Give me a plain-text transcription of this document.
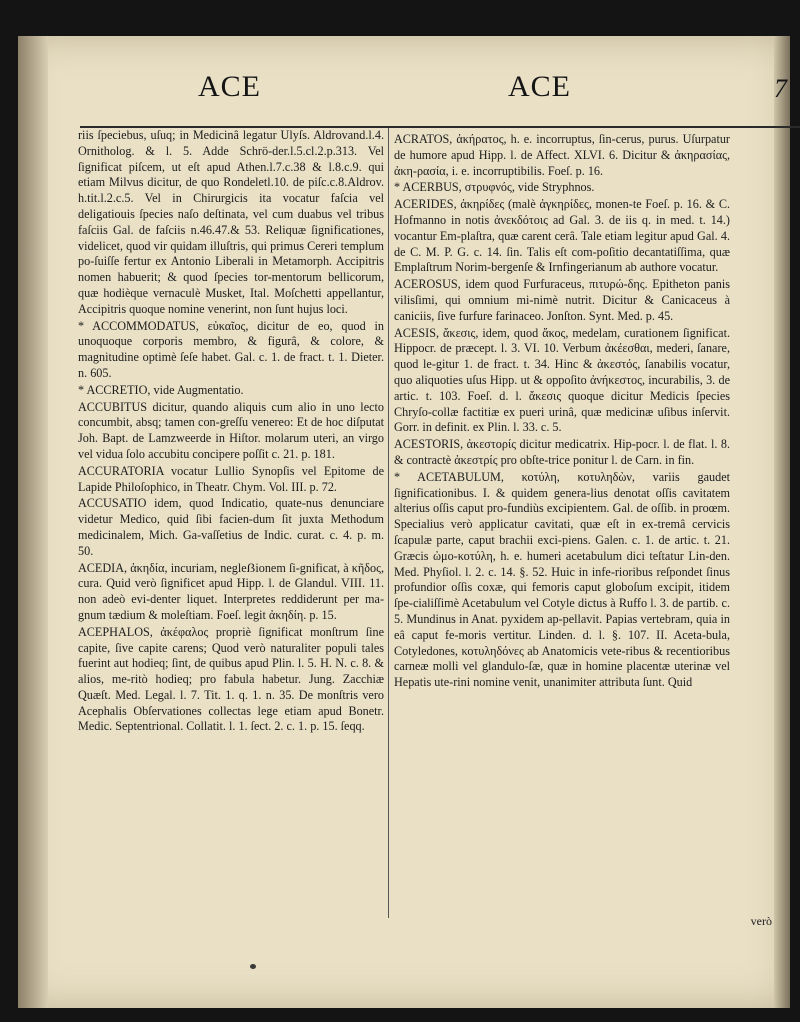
ACE	ACE	7

riis ſpeciebus, uſuq; in Medicinâ legatur Ulyſs. Aldrovand.l.4. Ornitholog. & l. 5. Adde Schrö-der.l.5.cl.2.p.313. Vel ſignificat piſcem, ut eſt apud Athen.l.7.c.38 & l.8.c.9. qui etiam Milvus dicitur, de quo Rondeletl.10. de piſc.c.8.Aldrov. h.tit.l.2.c.5. Vel in Chirurgicis ita vocatur faſcia vel deligatiouis ſpecies naſo deſtinata, vel cum duabus vel tribus faſciis Gal. de faſciis n.46.47.& 53. Reliquæ ſignificationes, videlicet, quod vir quidam illuſtris, qui primus Cereri templum po-ſuiſſe fertur ex Antonio Liberali in Metamorph. Accipitris nomen habuerit; & quod ſpecies tor-mentorum bellicorum, quæ hodièque vernaculè Musket, Ital. Moſchetti appellantur, Accipitris quoque nomine venerint, non ſunt hujus loci.

* ACCOMMODATUS, εὐκαῖος, dicitur de eo, quod in unoquoque corporis membro, & figurâ, & colore, & magnitudine optimè ſeſe habet. Gal. c. 1. de fract. t. 1. Dieter. n. 605.

* ACCRETIO, vide Augmentatio.

ACCUBITUS dicitur, quando aliquis cum alio in uno lecto concumbit, absq; tamen con-greſſu venereo: Et de hoc diſputat Joh. Bapt. de Lamzweerde in Hiſtor. molarum uteri, an virgo vel vidua ſolo accubitu concipere poſſit c. 21. p. 181.

ACCURATORIA vocatur Lullio Synopſis vel Epitome de Lapide Philoſophico, in Theatr. Chym. Vol. III. p. 72.

ACCUSATIO idem, quod Indicatio, quate-nus denunciare videtur Medico, quid ſibi facien-dum ſit juxta Methodum medicinalem, Mich. Ga-vaſſetius de Indic. curat. c. 4. p. m. 50.

ACEDIA, ἀκηδία, incuriam, negleẞionem ſi-gnificat, à κῆδος, cura. Quid verò ſignificet apud Hipp. l. de Glandul. VIII. 11. non adeò evi-denter liquet. Interpretes reddiderunt per ma-gnum tædium & moleſtiam. Foeſ. legit ἀκηδίη. p. 15.

ACEPHALOS, ἀκέφαλος propriè ſignificat monſtrum ſine capite, ſive capite carens; Quod verò naturaliter populi tales fuerint aut hodieq; ſint, de quibus apud Plin. l. 5. H. N. c. 8. & alios, me-ritò hodieq; pro fabula habetur. Jung. Zacchiæ Quæſt. Med. Legal. l. 7. Tit. 1. q. 1. n. 35. De monſtris vero Acephalis Obſervationes collectas lege etiam apud Bonetr. Medic. Septentrional. Collatit. l. 1. ſect. 2. c. 1. p. 15. ſeqq.

ACRATOS, ἀκήρατος, h. e. incorruptus, ſin-cerus, purus. Uſurpatur de humore apud Hipp. l. de Affect. XLVI. 6. Dicitur & ἀκηρασίας, ἀκη-ρασία, i. e. incorruptibilis. Foeſ. p. 16.

* ACERBUS, στρυφνός, vide Stryphnos.

ACERIDES, ἀκηρίδες (malè ἀγκηρίδες, monen-te Foeſ. p. 16. & C. Hofmanno in notis ἀνεκδότοις ad Gal. 3. de iis q. in med. t. 14.) vocantur Em-plaſtra, quæ carent cerâ. Tale etiam legitur apud Gal. 4. de C. M. P. G. c. 14. ſin. Talis eſt com-poſitio decantatiſſima, quæ Emplaſtrum Norim-bergenſe & Irnfingerianum ab authore vocatur.

ACEROSUS, idem quod Furfuraceus, πιτυρώ-δης. Epitheton panis vilisſimi, qui omnium mi-nimè nutrit. Dicitur & Canicaceus à caniciis, ſive furfure farinaceo. Jonſton. Synt. Med. p. 45.

ACESIS, ἄκεσις, idem, quod ἄκος, medelam, curationem ſignificat. Hippocr. de præcept. l. 3. VI. 10. Verbum ἀκέεσθαι, mederi, ſanare, quod le-gitur 1. de fract. t. 34. Hinc & ἀκεστός, ſanabilis vocatur, quo aliquoties uſus Hipp. ut & oppoſito ἀνήκεστος, incurabilis, 3. de artic. t. 103. Foeſ. d. l. ἄκεσις quoque dicitur Medicis ſpecies Chryſo-collæ factitiæ ex pueri urinâ, quæ medicinæ uſibus inſervit. Gorr. in definit. ex Plin. l. 33. c. 5.

ACESTORIS, ἀκεστορίς dicitur medicatrix. Hip-pocr. l. de flat. l. 8. & contractè ἀκεστρίς pro obſte-trice ponitur l. de Carn. in fin.

* ACETABULUM, κοτύλη, κοτυληδὼν, variis gaudet ſignificationibus. I. & quidem genera-lius denotat oſſis cavitatem alterius oſſis caput pro-fundiùs excipientem. Gal. de oſſib. in proœm. Specialius verò applicatur cavitati, quæ eſt in ex-tremâ cervicis ſcapulæ parte, caput brachii exci-piens. Galen. c. 1. de artic. t. 21. Græcis ὠμο-κοτύλη, h. e. humeri acetabulum dici teſtatur Lin-den. Med. Phyſiol. l. 2. c. 14. §. 52. Huic in infe-rioribus reſpondet ſinus profundior oſſis coxæ, qui femoris caput globoſum excipit, itidem ſpe-cialiſſimè Acetabulum vel Cotyle dictus à Ruffo l. 3. de partib. c. 5. Mundinus in Anat. pyxidem ap-pellavit. Papias vertebram, quia in eâ caput fe-moris vertitur. Linden. d. l. §. 107. II. Aceta-bula, Cotyledones, κοτυληδόνες ab Anatomicis vete-ribus & recentioribus carneæ molli vel glandulo-ſæ, quæ in homine placentæ uterinæ vel Hepatis ute-rini nomine venit, unanimiter attributa ſunt. Quid

verò
